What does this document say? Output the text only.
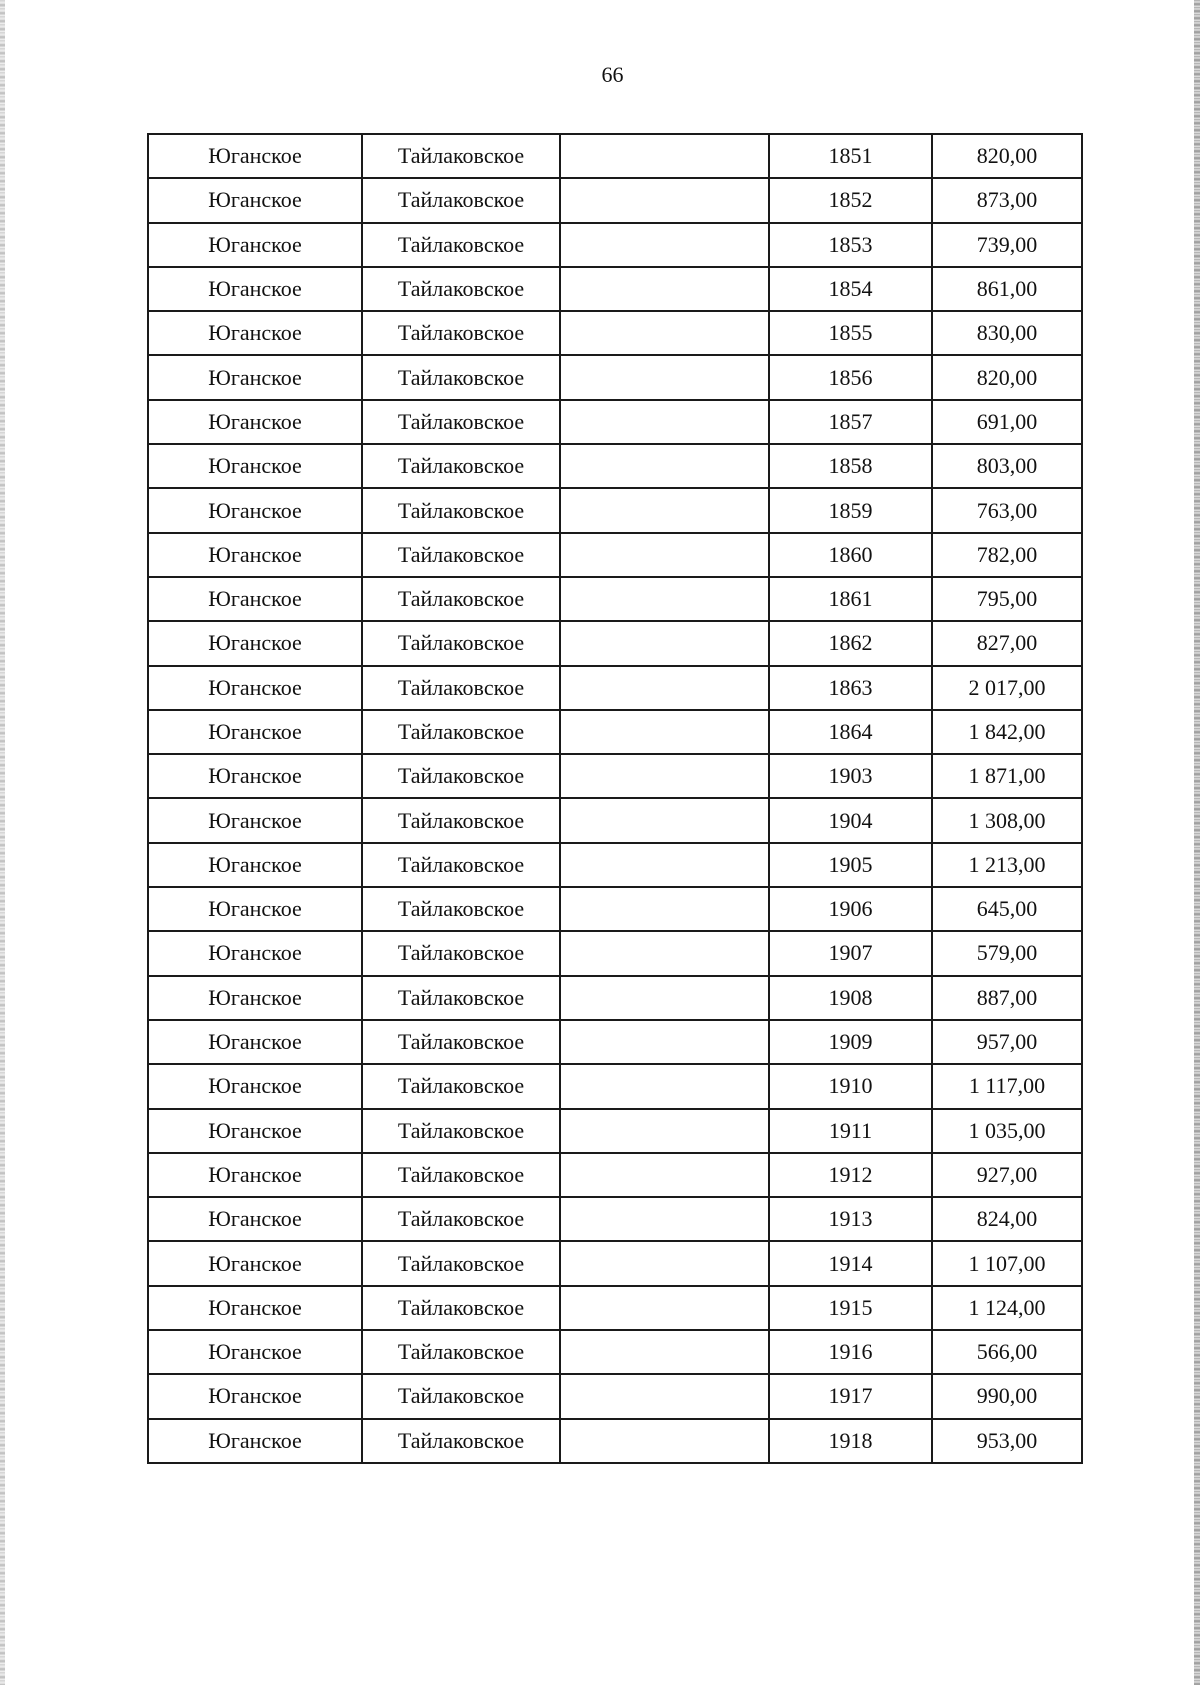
66
Юганское	Тайлаковское		1851	820,00
Юганское	Тайлаковское		1852	873,00
Юганское	Тайлаковское		1853	739,00
Юганское	Тайлаковское		1854	861,00
Юганское	Тайлаковское		1855	830,00
Юганское	Тайлаковское		1856	820,00
Юганское	Тайлаковское		1857	691,00
Юганское	Тайлаковское		1858	803,00
Юганское	Тайлаковское		1859	763,00
Юганское	Тайлаковское		1860	782,00
Юганское	Тайлаковское		1861	795,00
Юганское	Тайлаковское		1862	827,00
Юганское	Тайлаковское		1863	2 017,00
Юганское	Тайлаковское		1864	1 842,00
Юганское	Тайлаковское		1903	1 871,00
Юганское	Тайлаковское		1904	1 308,00
Юганское	Тайлаковское		1905	1 213,00
Юганское	Тайлаковское		1906	645,00
Юганское	Тайлаковское		1907	579,00
Юганское	Тайлаковское		1908	887,00
Юганское	Тайлаковское		1909	957,00
Юганское	Тайлаковское		1910	1 117,00
Юганское	Тайлаковское		1911	1 035,00
Юганское	Тайлаковское		1912	927,00
Юганское	Тайлаковское		1913	824,00
Юганское	Тайлаковское		1914	1 107,00
Юганское	Тайлаковское		1915	1 124,00
Юганское	Тайлаковское		1916	566,00
Юганское	Тайлаковское		1917	990,00
Юганское	Тайлаковское		1918	953,00
